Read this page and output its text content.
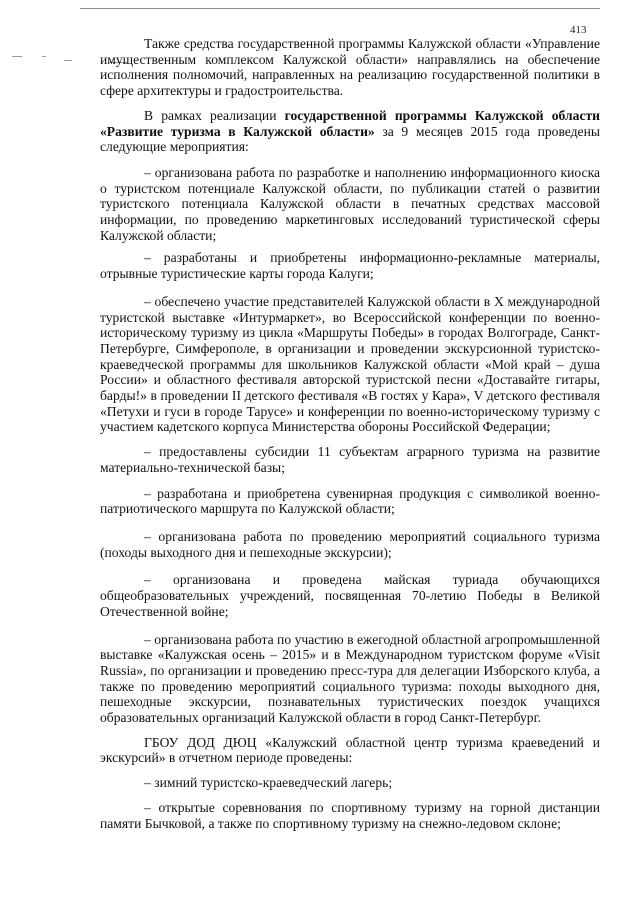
413

Также средства государственной программы Калужской области «Управление имущественным комплексом Калужской области» направлялись на обеспечение исполнения полномочий, направленных на реализацию государственной политики в сфере архитектуры и градостроительства.

В рамках реализации государственной программы Калужской области «Развитие туризма в Калужской области» за 9 месяцев 2015 года проведены следующие мероприятия:

– организована работа по разработке и наполнению информационного киоска о туристском потенциале Калужской области, по публикации статей о развитии туристского потенциала Калужской области в печатных средствах массовой информации, по проведению маркетинговых исследований туристической сферы Калужской области;

– разработаны и приобретены информационно-рекламные материалы, отрывные туристические карты города Калуги;

– обеспечено участие представителей Калужской области в Х международной туристской выставке «Интурмаркет», во Всероссийской конференции по военно-историческому туризму из цикла «Маршруты Победы» в городах Волгограде, Санкт-Петербурге, Симферополе, в организации и проведении экскурсионной туристско-краеведческой программы для школьников Калужской области «Мой край – душа России» и областного фестиваля авторской туристской песни «Доставайте гитары, барды!» в проведении II детского фестиваля «В гостях у Кара», V детского фестиваля «Петухи и гуси в городе Тарусе» и конференции по военно-историческому туризму с участием кадетского корпуса Министерства обороны Российской Федерации;

– предоставлены субсидии 11 субъектам аграрного туризма на развитие материально-технической базы;

– разработана и приобретена сувенирная продукция с символикой военно-патриотического маршрута по Калужской области;

– организована работа по проведению мероприятий социального туризма (походы выходного дня и пешеходные экскурсии);

– организована и проведена майская туриада обучающихся общеобразовательных учреждений, посвященная 70-летию Победы в Великой Отечественной войне;

– организована работа по участию в ежегодной областной агропромышленной выставке «Калужская осень – 2015» и в Международном туристском форуме «Visit Russia», по организации и проведению пресс-тура для делегации Изборского клуба, а также по проведению мероприятий социального туризма: походы выходного дня, пешеходные экскурсии, познавательных туристических поездок учащихся образовательных организаций Калужской области в город Санкт-Петербург.

ГБОУ ДОД ДЮЦ «Калужский областной центр туризма краеведений и экскурсий» в отчетном периоде проведены:

– зимний туристско-краеведческий лагерь;

– открытые соревнования по спортивному туризму на горной дистанции памяти Бычковой, а также по спортивному туризму на снежно-ледовом склоне;
